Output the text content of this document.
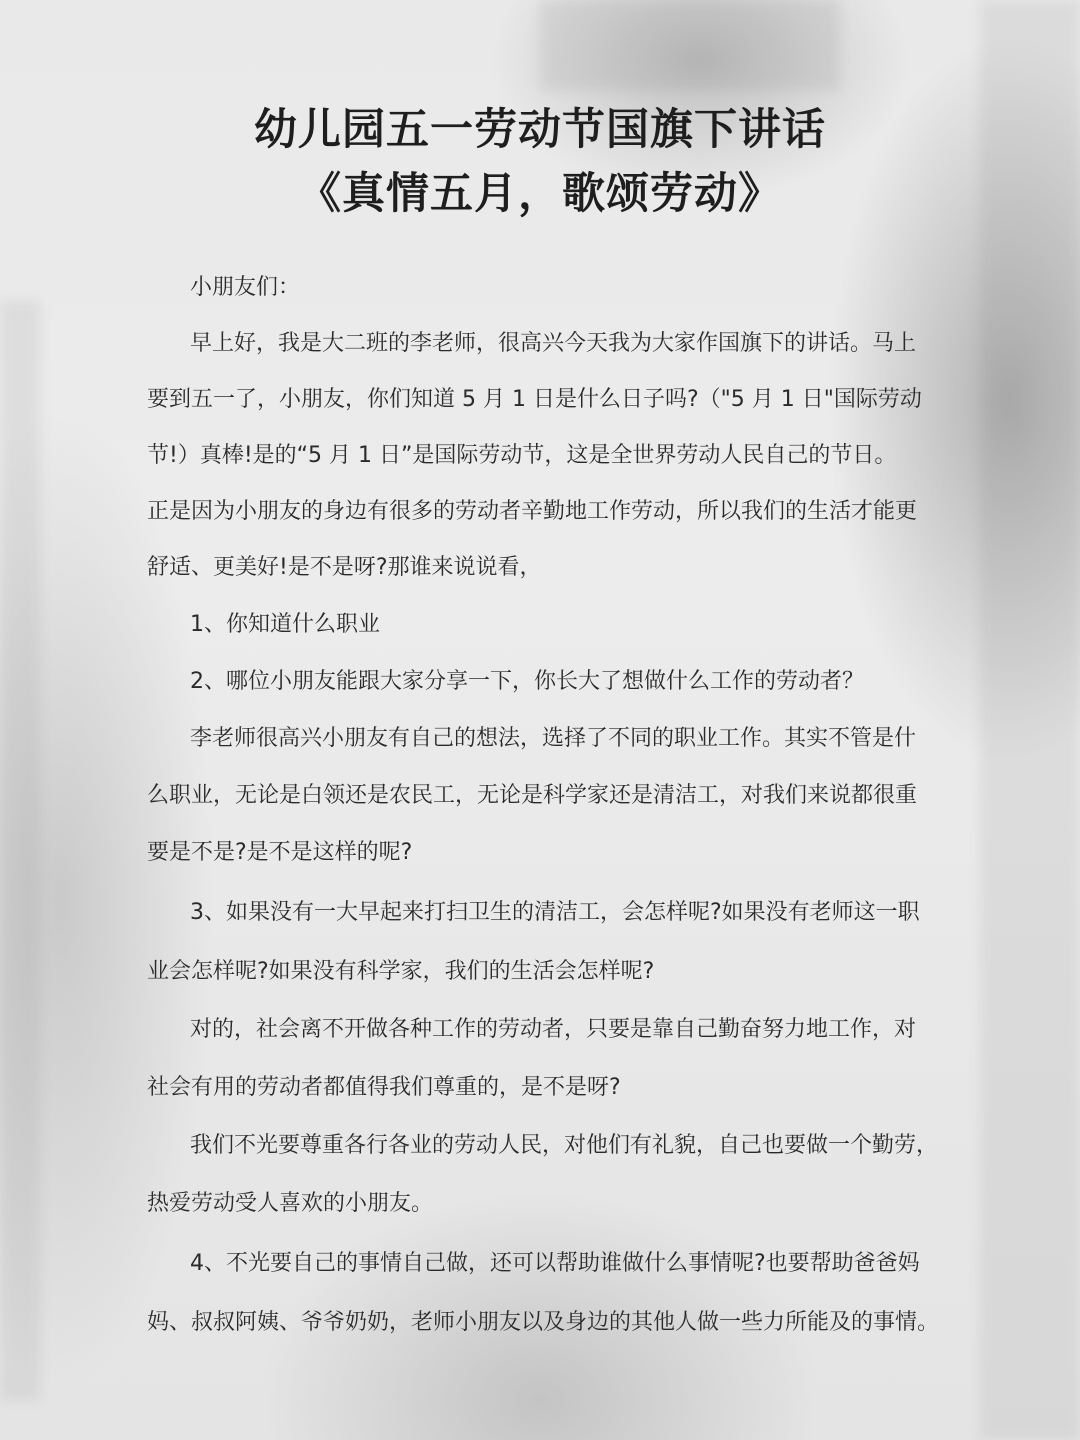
幼儿园五一劳动节国旗下讲话
《真情五月，歌颂劳动》

小朋友们：

早上好，我是大二班的李老师，很高兴今天我为大家作国旗下的讲话。马上

要到五一了，小朋友，你们知道 5 月 1 日是什么日子吗?（"5 月 1 日"国际劳动

节!）真棒!是的“5 月 1 日”是国际劳动节，这是全世界劳动人民自己的节日。

正是因为小朋友的身边有很多的劳动者辛勤地工作劳动，所以我们的生活才能更

舒适、更美好!是不是呀?那谁来说说看，

1、你知道什么职业

2、哪位小朋友能跟大家分享一下，你长大了想做什么工作的劳动者？

李老师很高兴小朋友有自己的想法，选择了不同的职业工作。其实不管是什

么职业，无论是白领还是农民工，无论是科学家还是清洁工，对我们来说都很重

要是不是?是不是这样的呢?

3、如果没有一大早起来打扫卫生的清洁工，会怎样呢?如果没有老师这一职

业会怎样呢?如果没有科学家，我们的生活会怎样呢?

对的，社会离不开做各种工作的劳动者，只要是靠自己勤奋努力地工作，对

社会有用的劳动者都值得我们尊重的，是不是呀?

我们不光要尊重各行各业的劳动人民，对他们有礼貌，自己也要做一个勤劳，

热爱劳动受人喜欢的小朋友。

4、不光要自己的事情自己做，还可以帮助谁做什么事情呢?也要帮助爸爸妈

妈、叔叔阿姨、爷爷奶奶，老师小朋友以及身边的其他人做一些力所能及的事情。
